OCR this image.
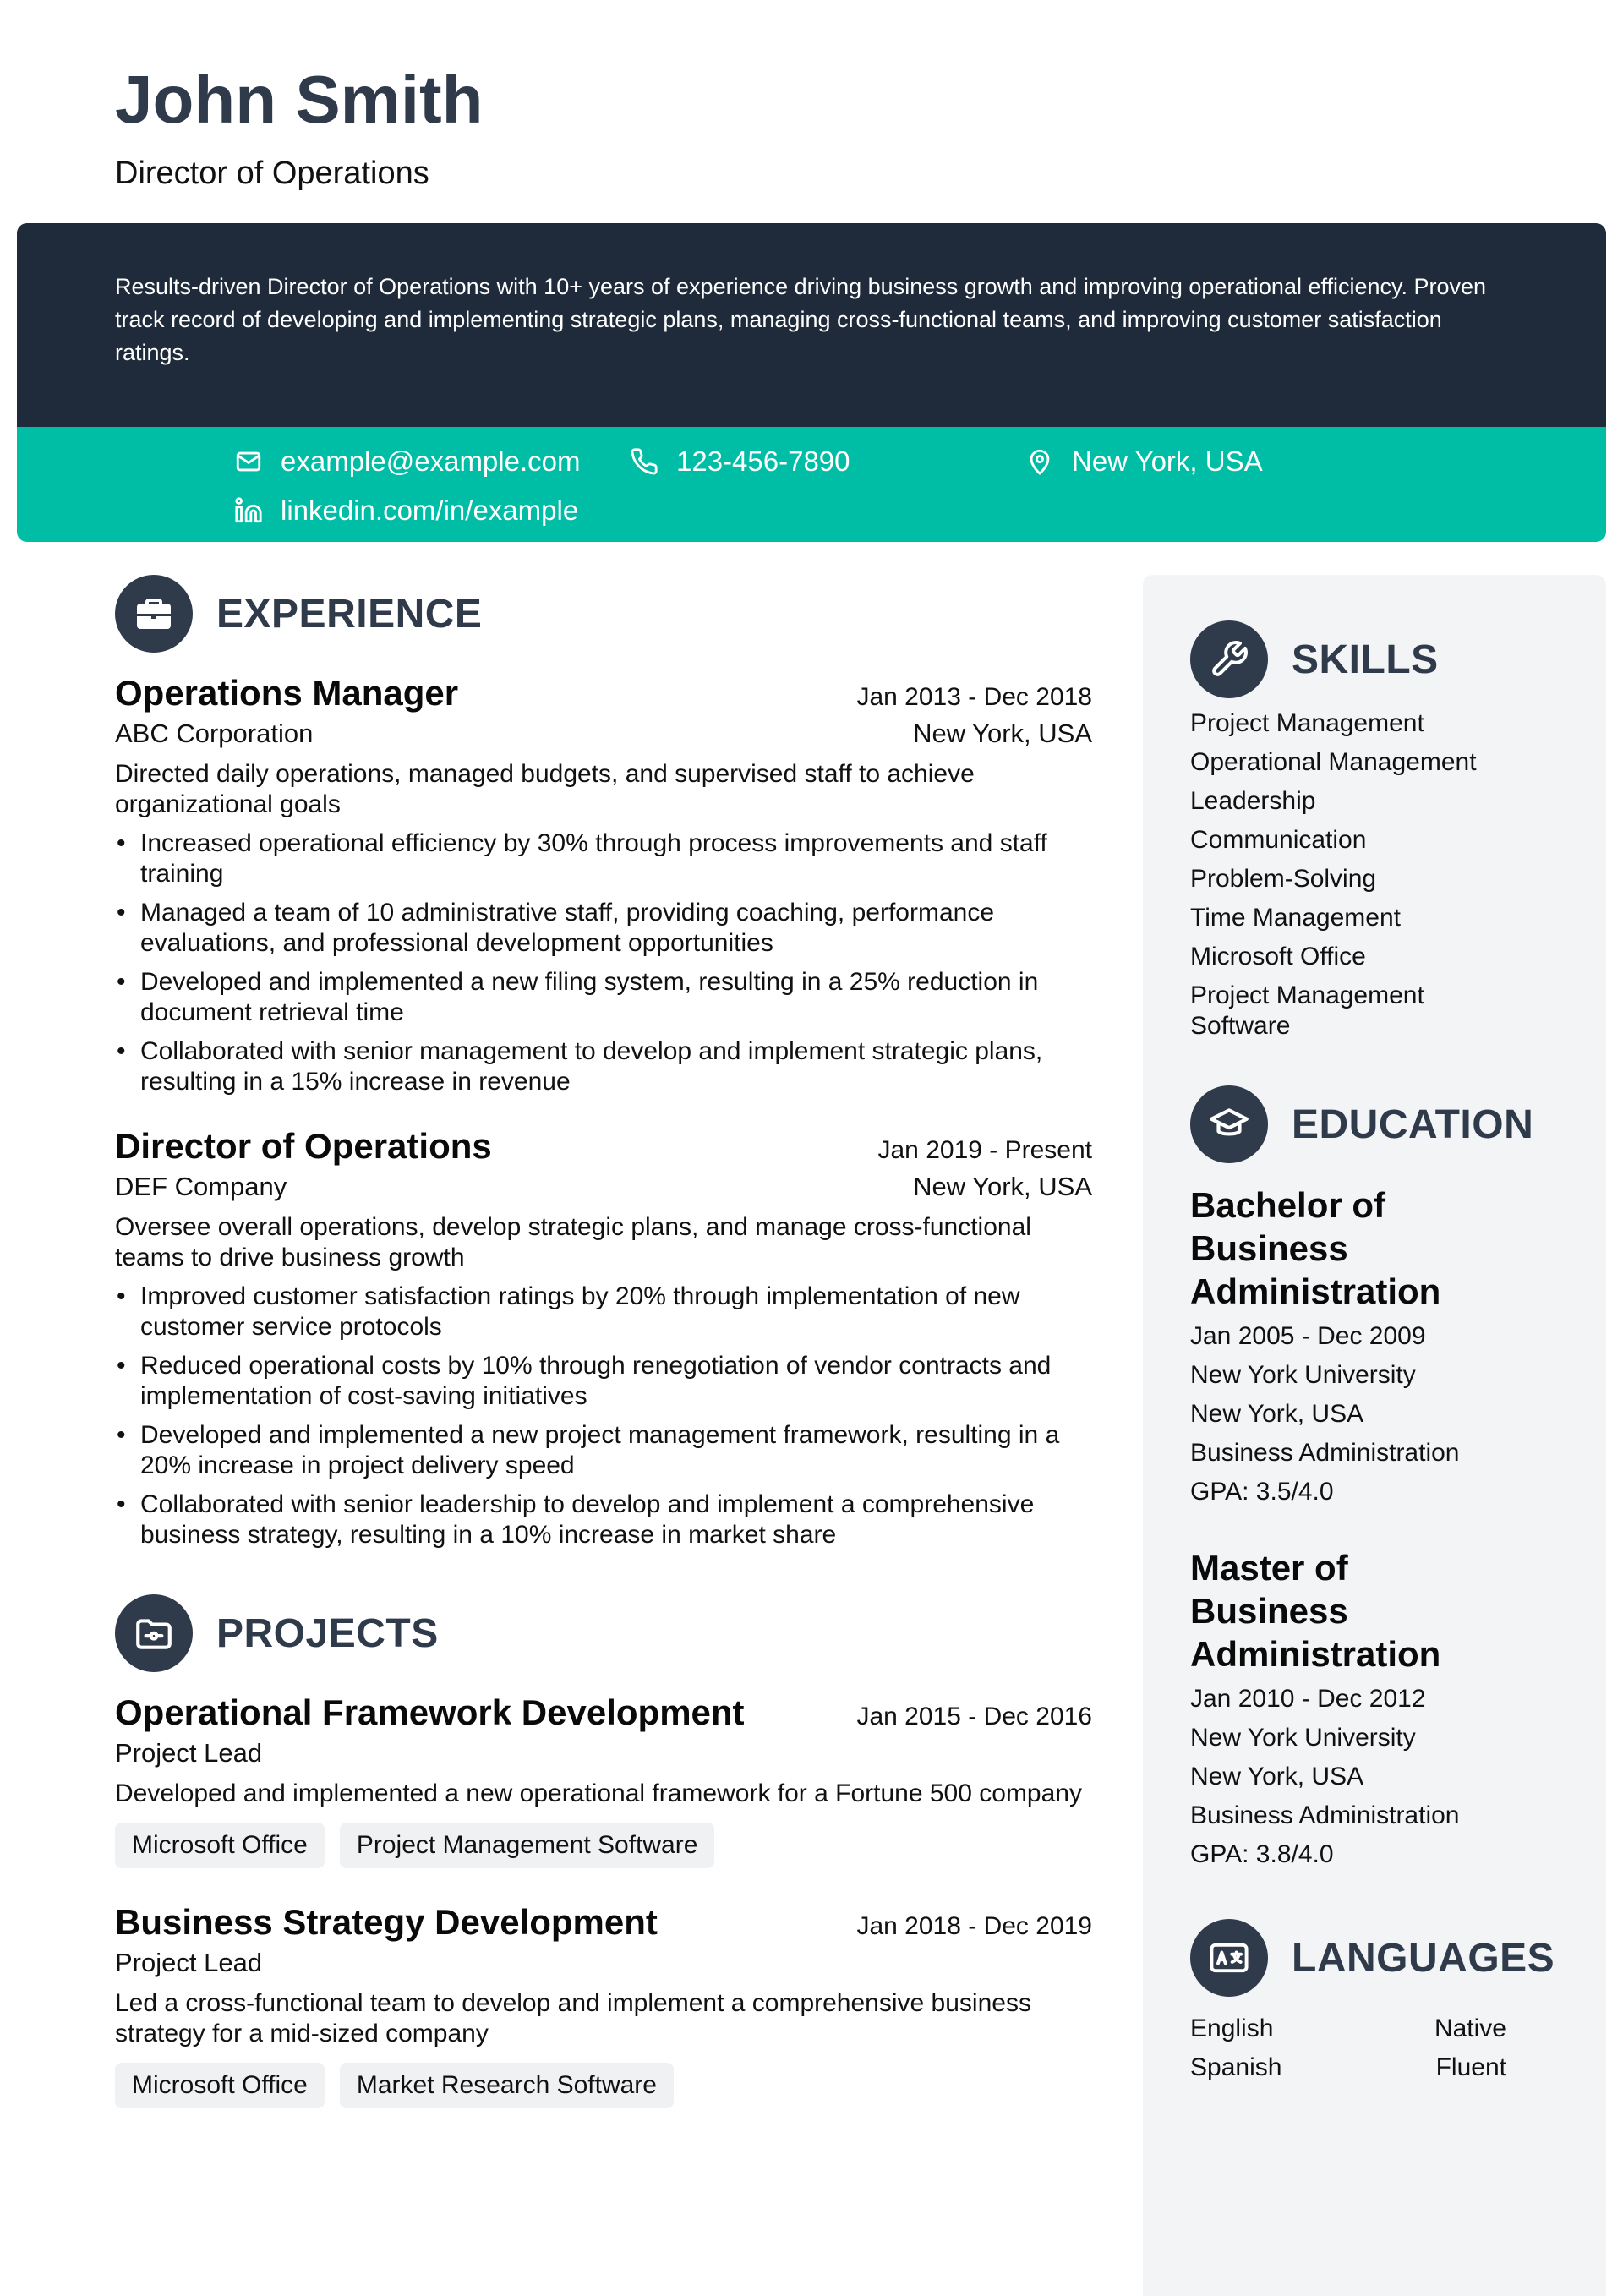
John Smith
Director of Operations

Results-driven Director of Operations with 10+ years of experience driving business growth and improving operational efficiency. Proven track record of developing and implementing strategic plans, managing cross-functional teams, and improving customer satisfaction ratings.

example@example.com	123-456-7890	New York, USA
linkedin.com/in/example
EXPERIENCE
Operations Manager	Jan 2013 - Dec 2018
ABC Corporation	New York, USA
Directed daily operations, managed budgets, and supervised staff to achieve organizational goals
• Increased operational efficiency by 30% through process improvements and staff training
• Managed a team of 10 administrative staff, providing coaching, performance evaluations, and professional development opportunities
• Developed and implemented a new filing system, resulting in a 25% reduction in document retrieval time
• Collaborated with senior management to develop and implement strategic plans, resulting in a 15% increase in revenue
Director of Operations	Jan 2019 - Present
DEF Company	New York, USA
Oversee overall operations, develop strategic plans, and manage cross-functional teams to drive business growth
• Improved customer satisfaction ratings by 20% through implementation of new customer service protocols
• Reduced operational costs by 10% through renegotiation of vendor contracts and implementation of cost-saving initiatives
• Developed and implemented a new project management framework, resulting in a 20% increase in project delivery speed
• Collaborated with senior leadership to develop and implement a comprehensive business strategy, resulting in a 10% increase in market share
PROJECTS
Operational Framework Development	Jan 2015 - Dec 2016
Project Lead
Developed and implemented a new operational framework for a Fortune 500 company
Microsoft Office	Project Management Software
Business Strategy Development	Jan 2018 - Dec 2019
Project Lead
Led a cross-functional team to develop and implement a comprehensive business strategy for a mid-sized company
Microsoft Office	Market Research Software
SKILLS
Project Management
Operational Management
Leadership
Communication
Problem-Solving
Time Management
Microsoft Office
Project Management Software
EDUCATION
Bachelor of Business Administration
Jan 2005 - Dec 2009
New York University
New York, USA
Business Administration
GPA: 3.5/4.0
Master of Business Administration
Jan 2010 - Dec 2012
New York University
New York, USA
Business Administration
GPA: 3.8/4.0
LANGUAGES
English	Native
Spanish	Fluent
